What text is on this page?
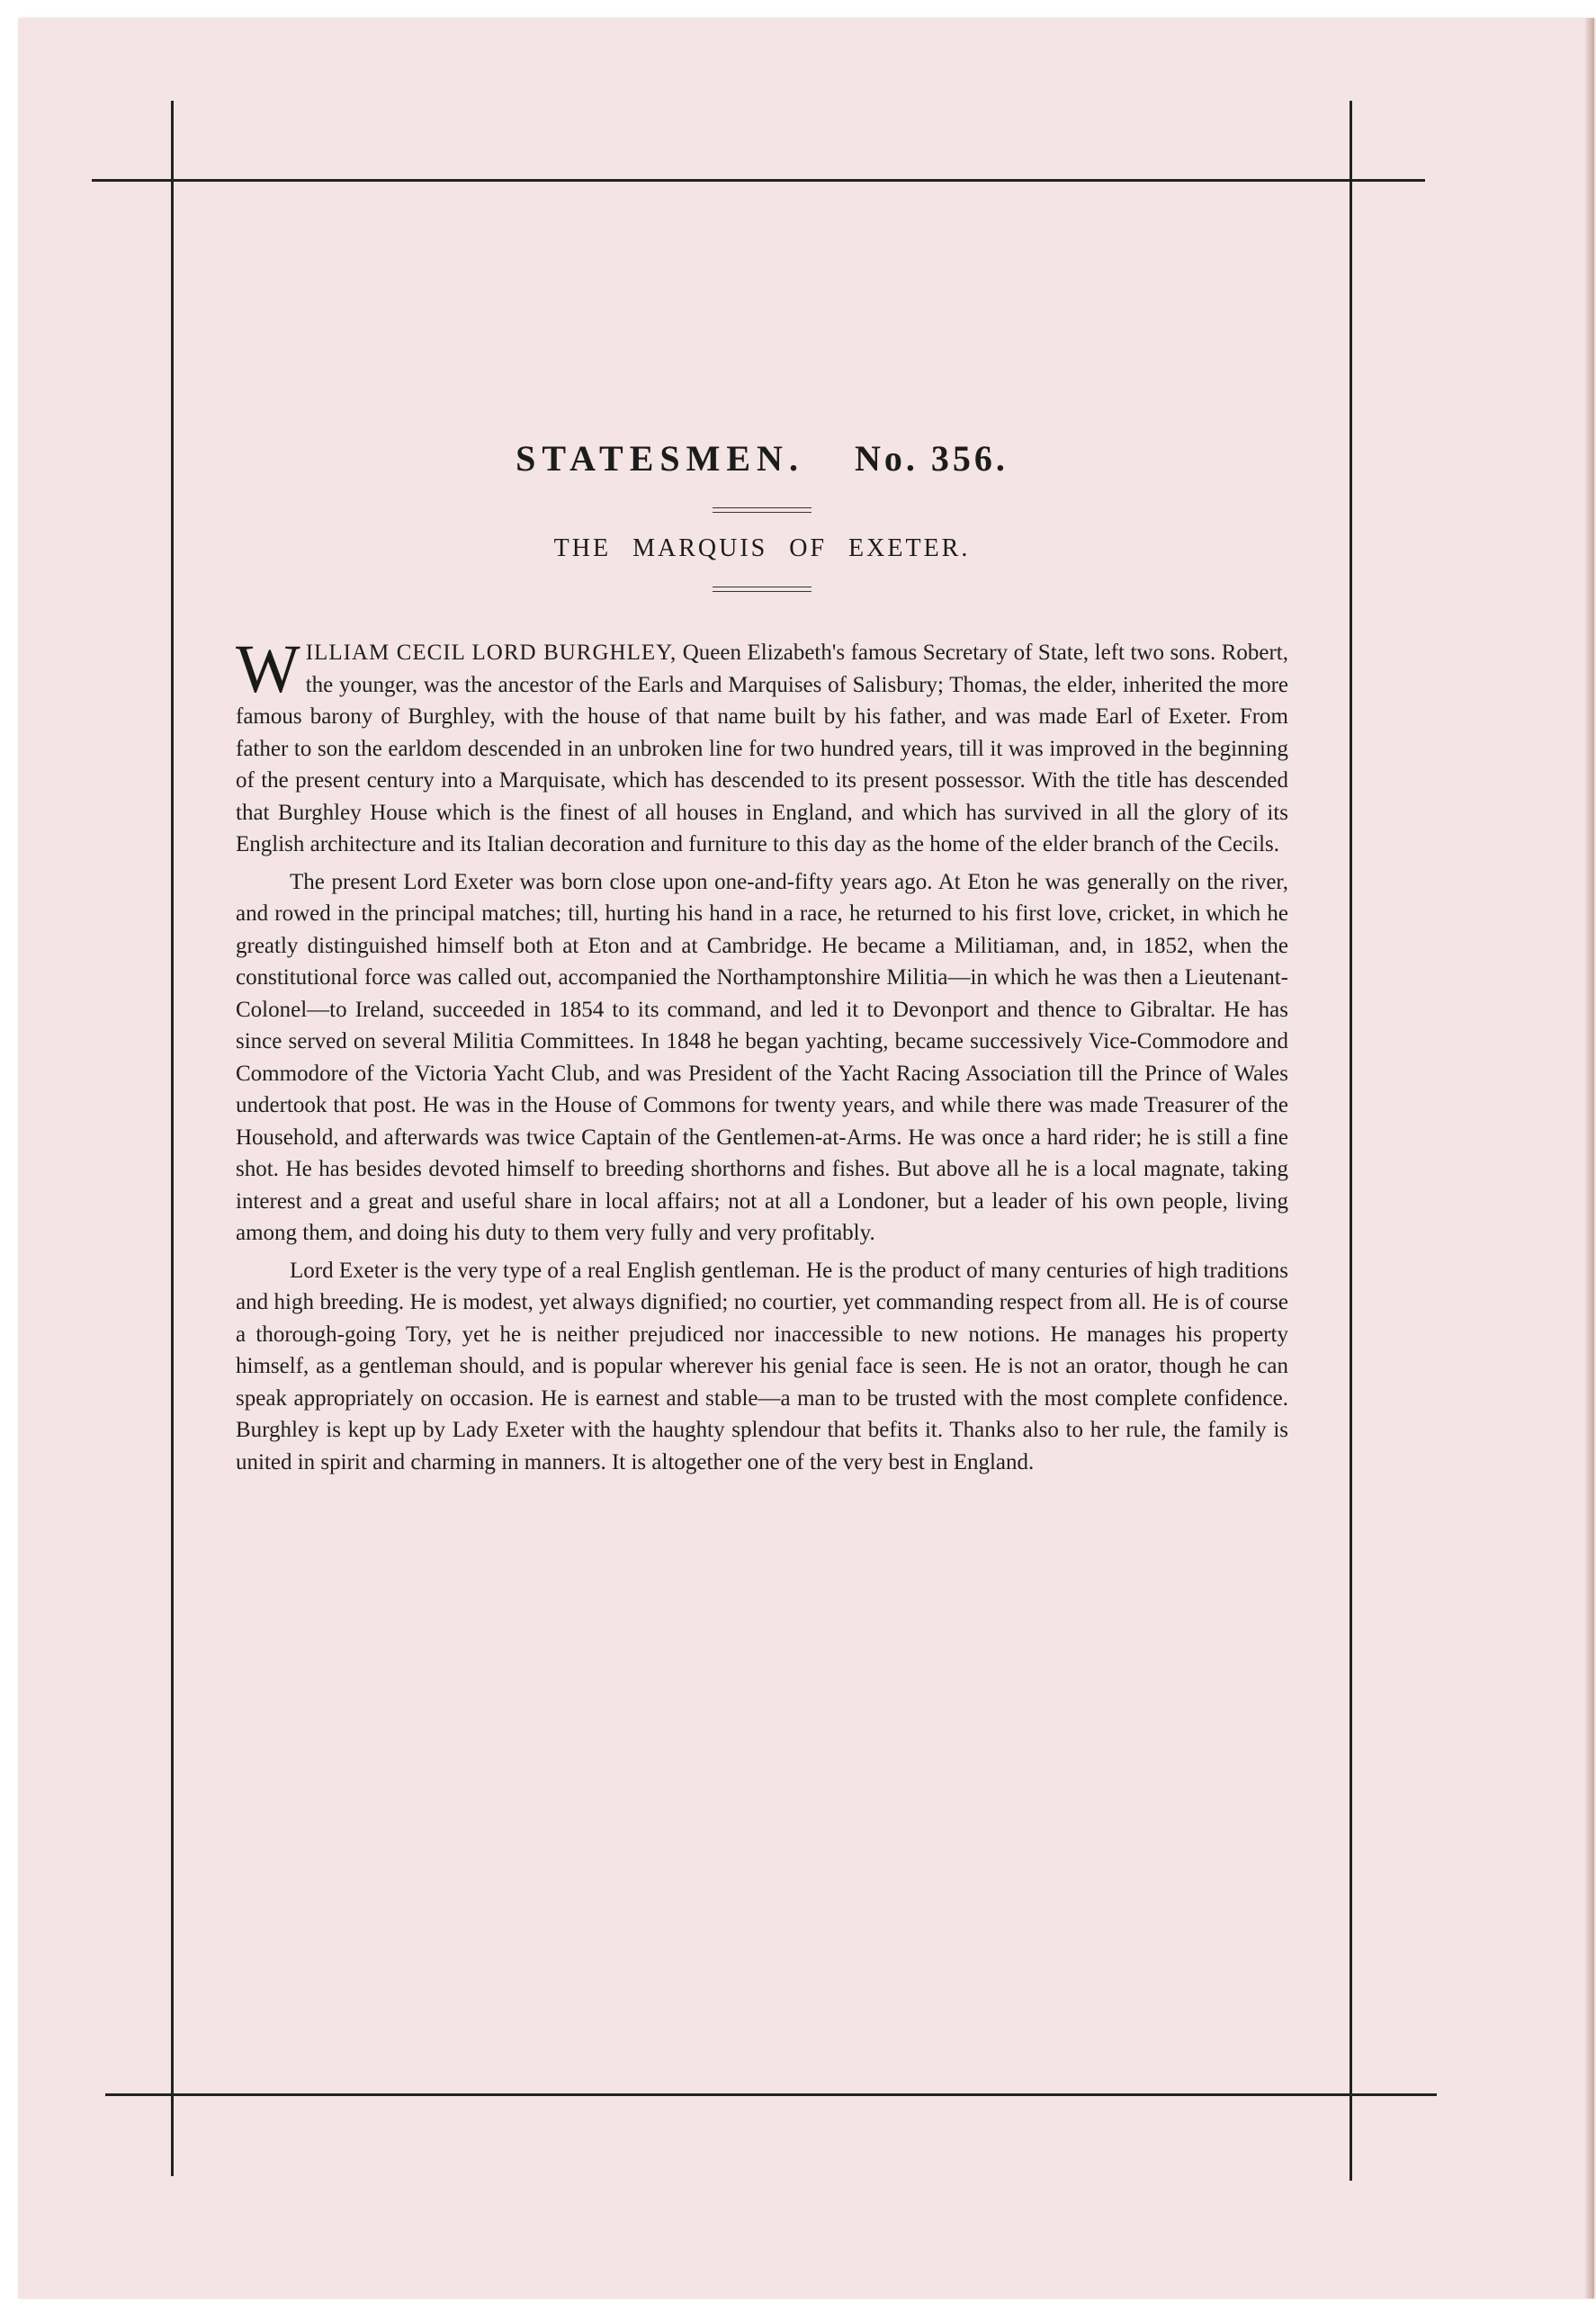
STATESMEN. No. 356.
THE MARQUIS OF EXETER.

WILLIAM CECIL LORD BURGHLEY, Queen Elizabeth's famous Secretary of State, left two sons. Robert, the younger, was the ancestor of the Earls and Marquises of Salisbury; Thomas, the elder, inherited the more famous barony of Burghley, with the house of that name built by his father, and was made Earl of Exeter. From father to son the earldom descended in an unbroken line for two hundred years, till it was improved in the beginning of the present century into a Marquisate, which has descended to its present possessor. With the title has descended that Burghley House which is the finest of all houses in England, and which has survived in all the glory of its English architecture and its Italian decoration and furniture to this day as the home of the elder branch of the Cecils.

The present Lord Exeter was born close upon one-and-fifty years ago. At Eton he was generally on the river, and rowed in the principal matches; till, hurting his hand in a race, he returned to his first love, cricket, in which he greatly distinguished himself both at Eton and at Cambridge. He became a Militiaman, and, in 1852, when the constitutional force was called out, accompanied the Northamptonshire Militia—in which he was then a Lieutenant-Colonel—to Ireland, succeeded in 1854 to its command, and led it to Devonport and thence to Gibraltar. He has since served on several Militia Committees. In 1848 he began yachting, became successively Vice-Commodore and Commodore of the Victoria Yacht Club, and was President of the Yacht Racing Association till the Prince of Wales undertook that post. He was in the House of Commons for twenty years, and while there was made Treasurer of the Household, and afterwards was twice Captain of the Gentlemen-at-Arms. He was once a hard rider; he is still a fine shot. He has besides devoted himself to breeding shorthorns and fishes. But above all he is a local magnate, taking interest and a great and useful share in local affairs; not at all a Londoner, but a leader of his own people, living among them, and doing his duty to them very fully and very profitably.

Lord Exeter is the very type of a real English gentleman. He is the product of many centuries of high traditions and high breeding. He is modest, yet always dignified; no courtier, yet commanding respect from all. He is of course a thorough-going Tory, yet he is neither prejudiced nor inaccessible to new notions. He manages his property himself, as a gentleman should, and is popular wherever his genial face is seen. He is not an orator, though he can speak appropriately on occasion. He is earnest and stable—a man to be trusted with the most complete confidence. Burghley is kept up by Lady Exeter with the haughty splendour that befits it. Thanks also to her rule, the family is united in spirit and charming in manners. It is altogether one of the very best in England.
